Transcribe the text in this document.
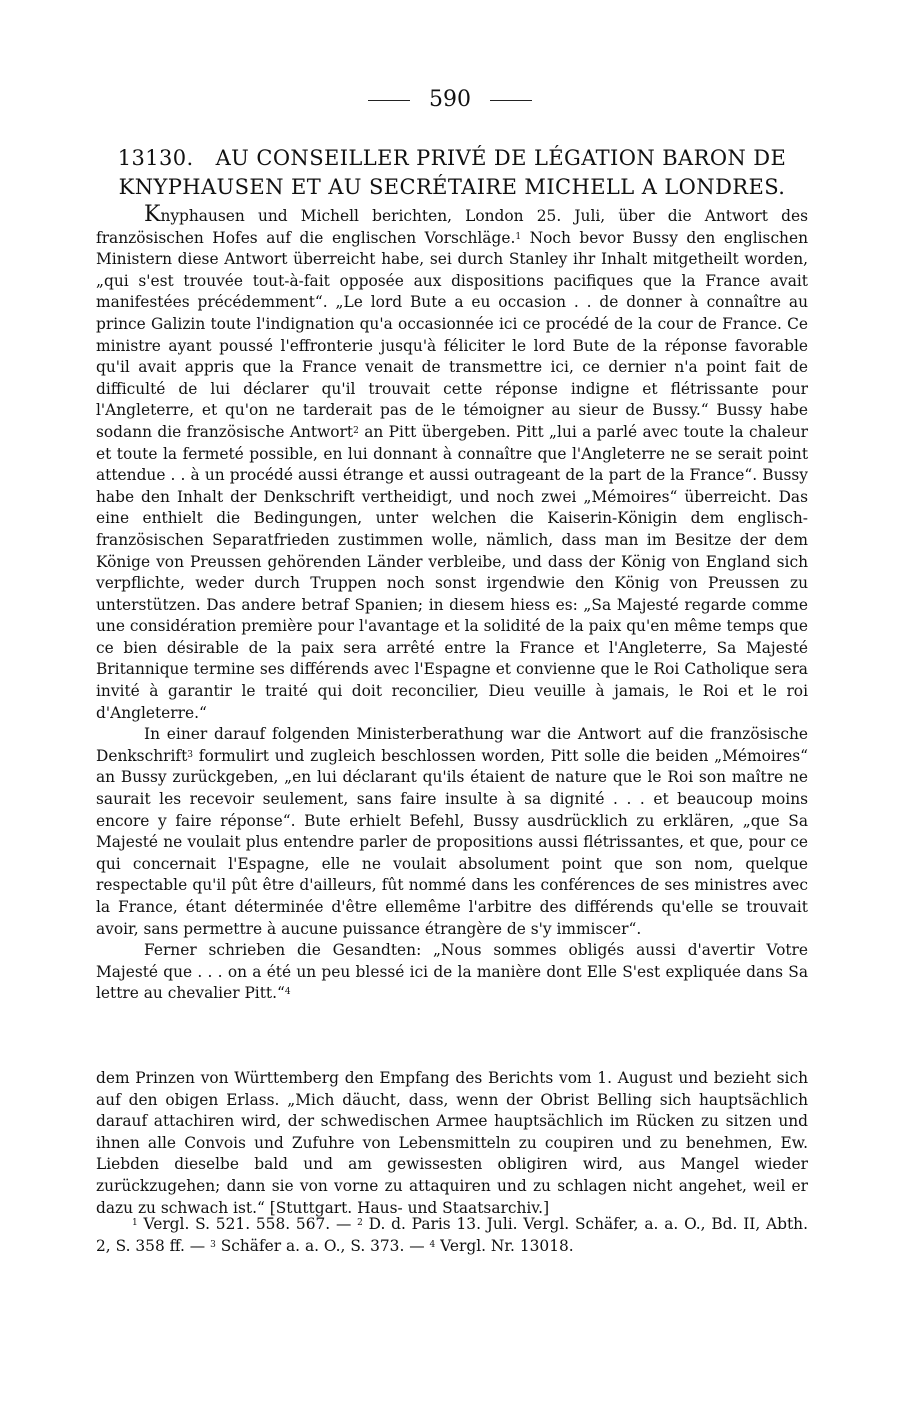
590
13130. AU CONSEILLER PRIVÉ DE LÉGATION BARON DE KNYPHAUSEN ET AU SECRÉTAIRE MICHELL A LONDRES.

Knyphausen und Michell berichten, London 25. Juli, über die Antwort des französischen Hofes auf die englischen Vorschläge.$^1$ Noch bevor Bussy den englischen Ministern diese Antwort überreicht habe, sei durch Stanley ihr Inhalt mitgetheilt worden, „qui s'est trouvée tout-à-fait opposée aux dispositions pacifiques que la France avait manifestées précédemment“. „Le lord Bute a eu occasion . . de donner à connaître au prince Galizin toute l'indignation qu'a occasionnée ici ce procédé de la cour de France. Ce ministre ayant poussé l'effronterie jusqu'à féliciter le lord Bute de la réponse favorable qu'il avait appris que la France venait de transmettre ici, ce dernier n'a point fait de difficulté de lui déclarer qu'il trouvait cette réponse indigne et flétrissante pour l'Angleterre, et qu'on ne tarderait pas de le témoigner au sieur de Bussy.“ Bussy habe sodann die französische Antwort$^2$ an Pitt übergeben. Pitt „lui a parlé avec toute la chaleur et toute la fermeté possible, en lui donnant à connaître que l'Angleterre ne se serait point attendue . . à un procédé aussi étrange et aussi outrageant de la part de la France“. Bussy habe den Inhalt der Denkschrift vertheidigt, und noch zwei „Mémoires“ überreicht. Das eine enthielt die Bedingungen, unter welchen die Kaiserin-Königin dem englisch-französischen Separatfrieden zustimmen wolle, nämlich, dass man im Besitze der dem Könige von Preussen gehörenden Länder verbleibe, und dass der König von England sich verpflichte, weder durch Truppen noch sonst irgendwie den König von Preussen zu unterstützen. Das andere betraf Spanien; in diesem hiess es: „Sa Majesté regarde comme une considération première pour l'avantage et la solidité de la paix qu'en même temps que ce bien désirable de la paix sera arrêté entre la France et l'Angleterre, Sa Majesté Britannique termine ses différends avec l'Espagne et convienne que le Roi Catholique sera invité à garantir le traité qui doit reconcilier, Dieu veuille à jamais, le Roi et le roi d'Angleterre.“

In einer darauf folgenden Ministerberathung war die Antwort auf die französische Denkschrift$^3$ formulirt und zugleich beschlossen worden, Pitt solle die beiden „Mémoires“ an Bussy zurückgeben, „en lui déclarant qu'ils étaient de nature que le Roi son maître ne saurait les recevoir seulement, sans faire insulte à sa dignité . . . et beaucoup moins encore y faire réponse“. Bute erhielt Befehl, Bussy ausdrücklich zu erklären, „que Sa Majesté ne voulait plus entendre parler de propositions aussi flétrissantes, et que, pour ce qui concernait l'Espagne, elle ne voulait absolument point que son nom, quelque respectable qu'il pût être d'ailleurs, fût nommé dans les conférences de ses ministres avec la France, étant déterminée d'être ellemême l'arbitre des différends qu'elle se trouvait avoir, sans permettre à aucune puissance étrangère de s'y immiscer“.

Ferner schrieben die Gesandten: „Nous sommes obligés aussi d'avertir Votre Majesté que . . . on a été un peu blessé ici de la manière dont Elle S'est expliquée dans Sa lettre au chevalier Pitt.“$^4$

dem Prinzen von Württemberg den Empfang des Berichts vom 1. August und bezieht sich auf den obigen Erlass. „Mich däucht, dass, wenn der Obrist Belling sich hauptsächlich darauf attachiren wird, der schwedischen Armee hauptsächlich im Rücken zu sitzen und ihnen alle Convois und Zufuhre von Lebensmitteln zu coupiren und zu benehmen, Ew. Liebden dieselbe bald und am gewissesten obligiren wird, aus Mangel wieder zurückzugehen; dann sie von vorne zu attaquiren und zu schlagen nicht angehet, weil er dazu zu schwach ist.“ [Stuttgart. Haus- und Staatsarchiv.]

$^1$ Vergl. S. 521. 558. 567. — $^2$ D. d. Paris 13. Juli. Vergl. Schäfer, a. a. O., Bd. II, Abth. 2, S. 358 ff. — $^3$ Schäfer a. a. O., S. 373. — $^4$ Vergl. Nr. 13018.
